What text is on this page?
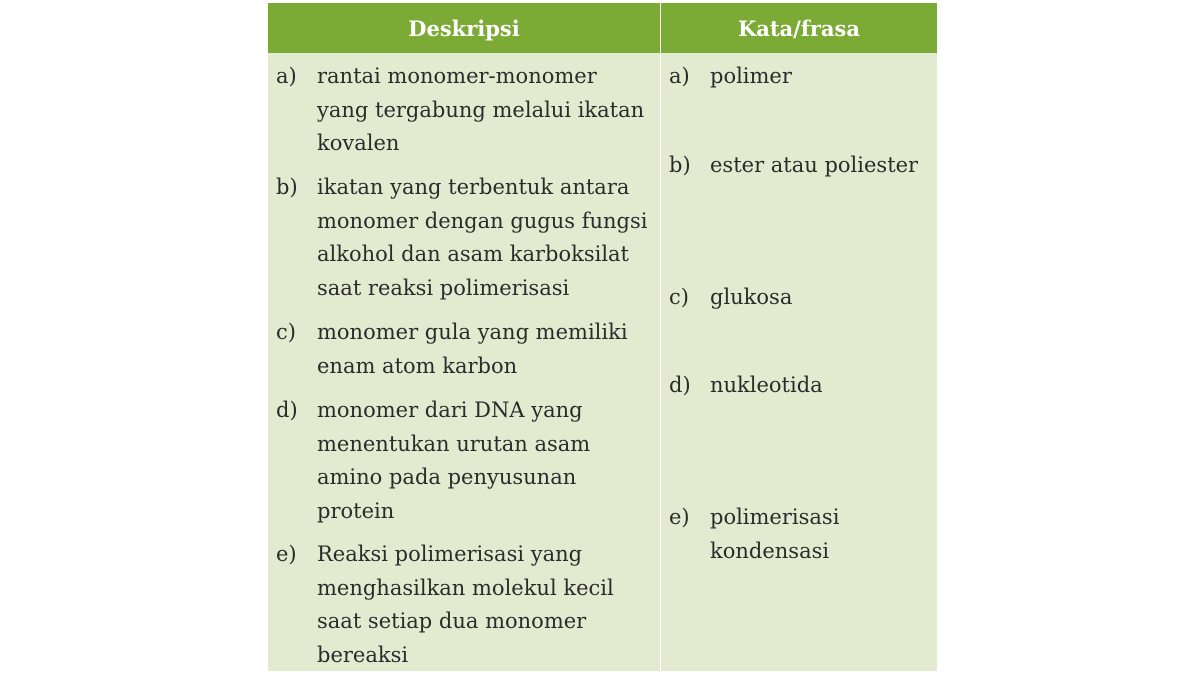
Deskripsi	Kata/frasa
a) rantai monomer-monomer
yang tergabung melalui ikatan
kovalen
b) ikatan yang terbentuk antara
monomer dengan gugus fungsi
alkohol dan asam karboksilat
saat reaksi polimerisasi
c) monomer gula yang memiliki
enam atom karbon
d) monomer dari DNA yang
menentukan urutan asam
amino pada penyusunan
protein
e) Reaksi polimerisasi yang
menghasilkan molekul kecil
saat setiap dua monomer
bereaksi
a) polimer
b) ester atau poliester
c) glukosa
d) nukleotida
e) polimerisasi
kondensasi
